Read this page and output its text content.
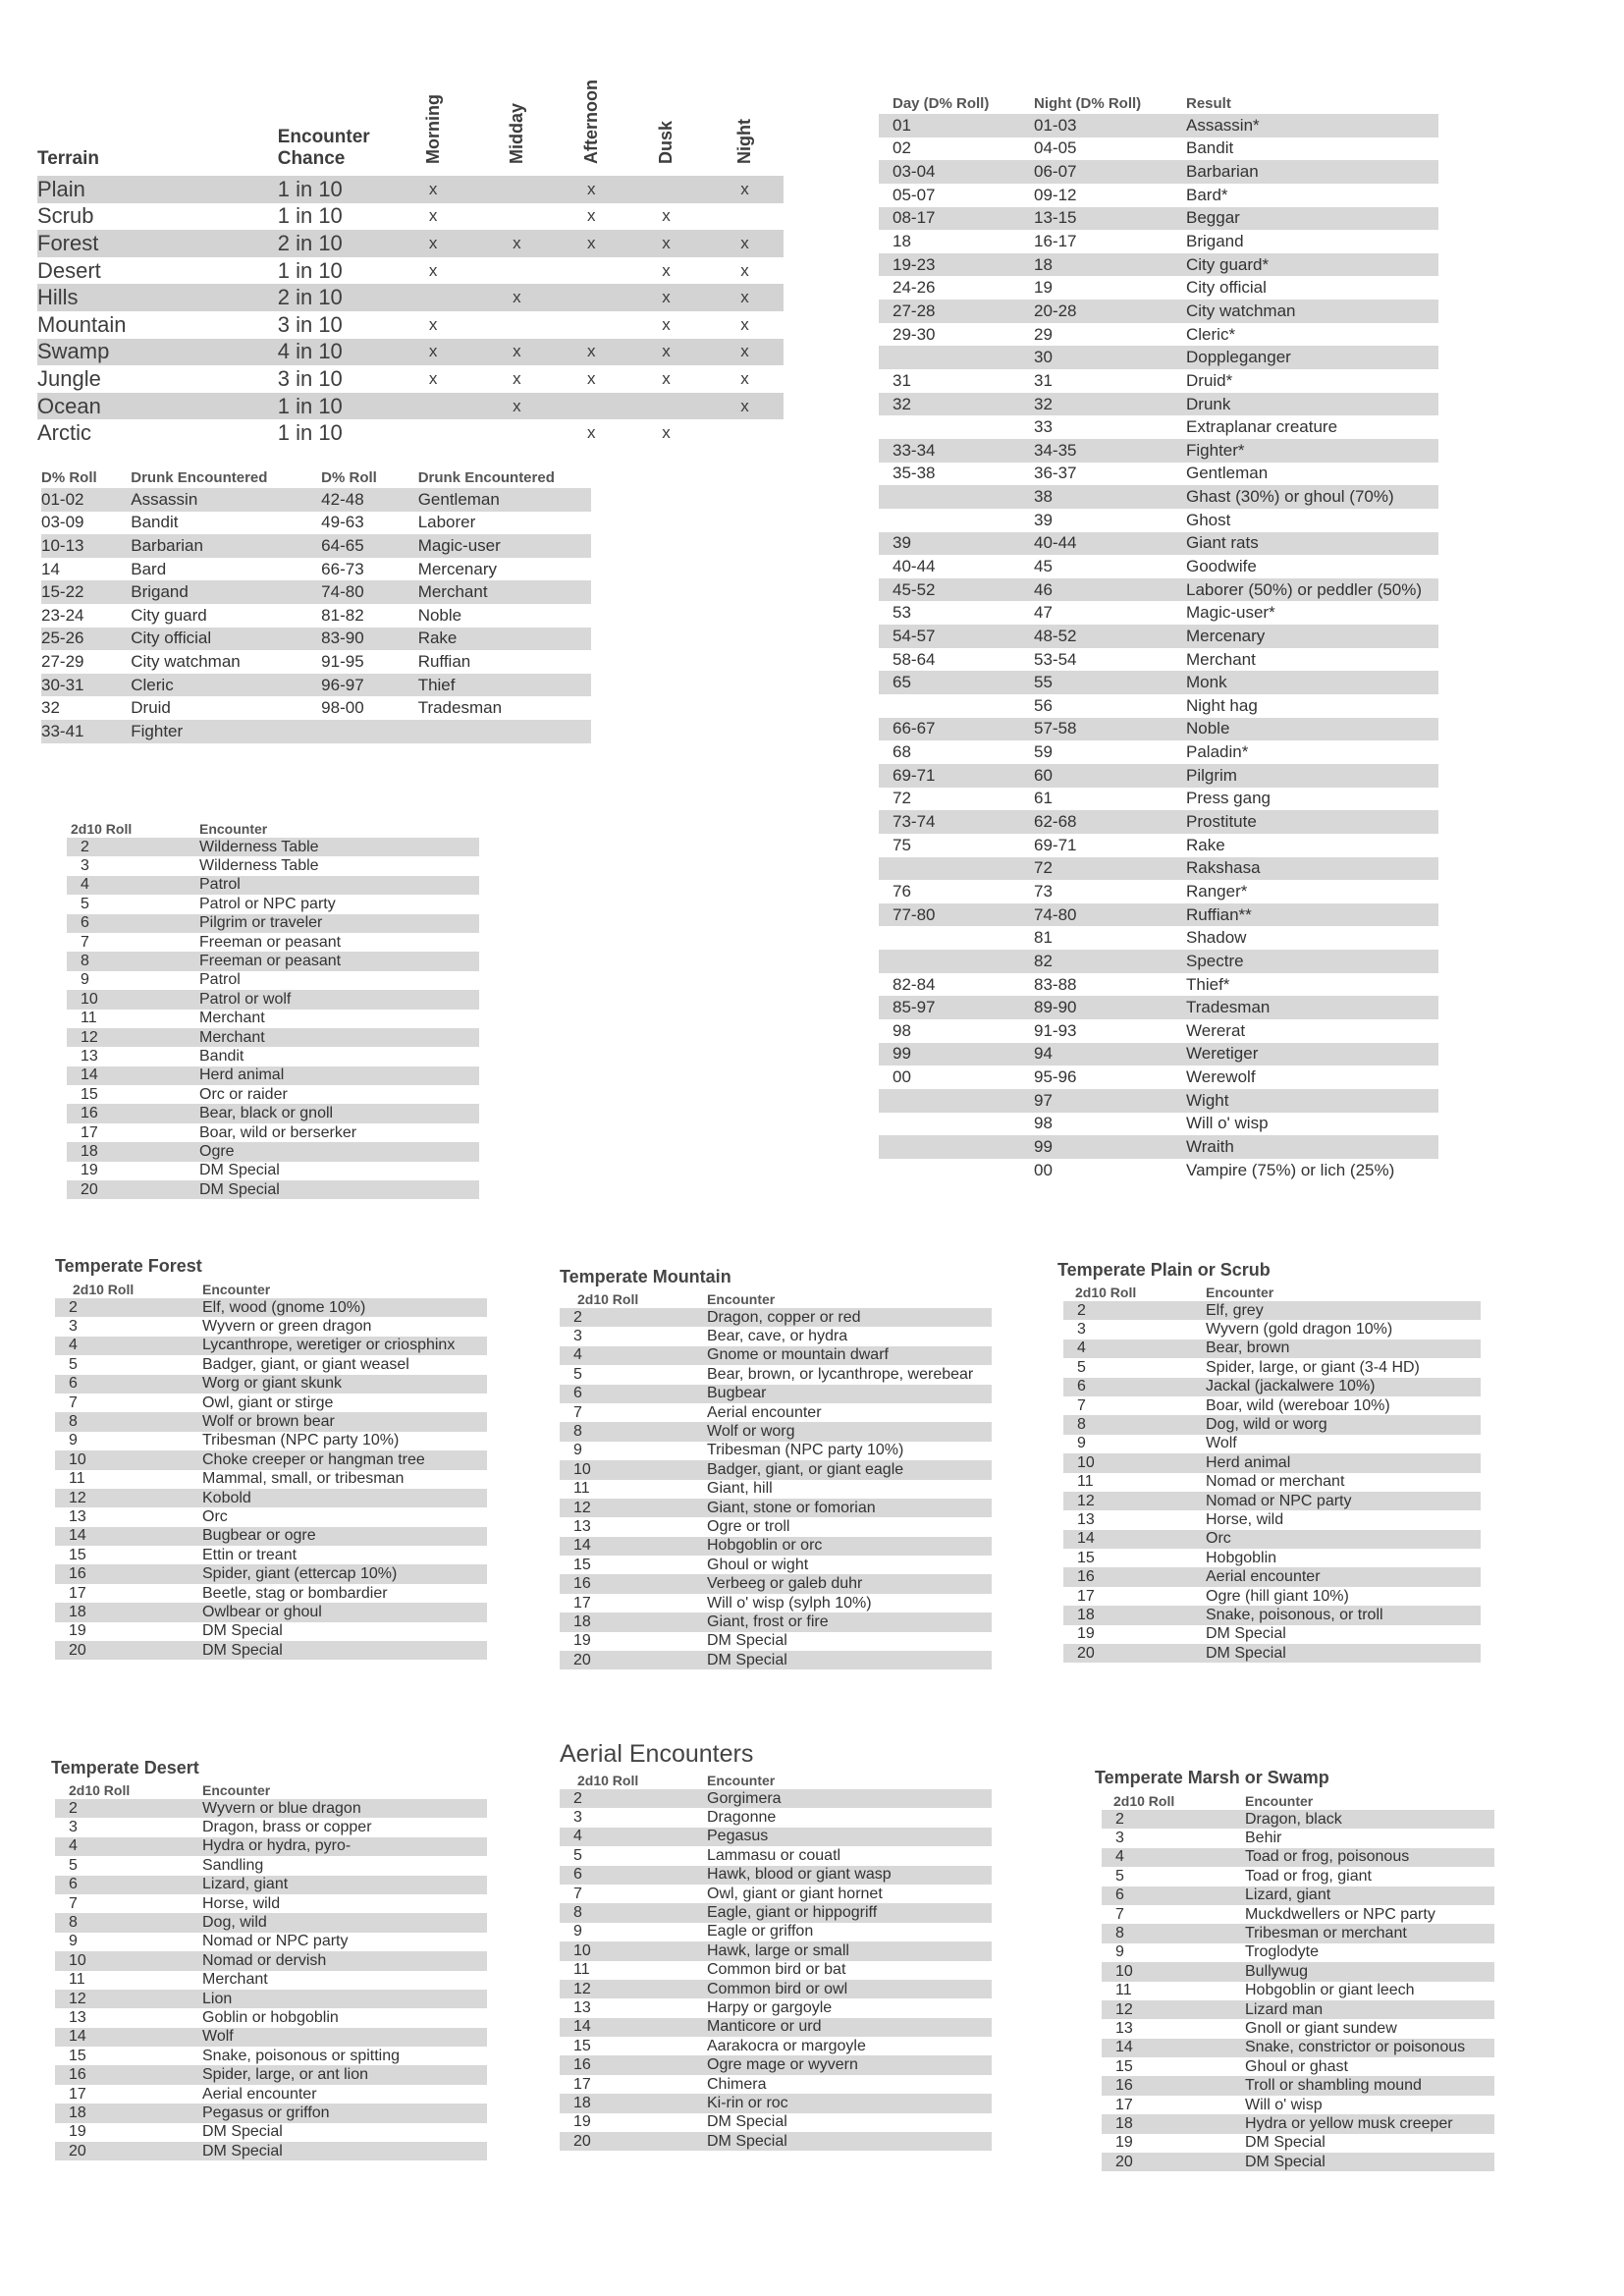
Terrain	Encounter Chance	Morning	Midday	Afternoon	Dusk	Night
Plain	1 in 10	x		x		x
Scrub	1 in 10	x		x	x	
Forest	2 in 10	x	x	x	x	x
Desert	1 in 10	x			x	x
Hills	2 in 10		x		x	x
Mountain	3 in 10	x			x	x
Swamp	4 in 10	x	x	x	x	x
Jungle	3 in 10	x	x	x	x	x
Ocean	1 in 10		x			x
Arctic	1 in 10			x	x	
D% Roll	Drunk Encountered	D% Roll	Drunk Encountered
01-02	Assassin	42-48	Gentleman
03-09	Bandit	49-63	Laborer
10-13	Barbarian	64-65	Magic-user
14	Bard	66-73	Mercenary
15-22	Brigand	74-80	Merchant
23-24	City guard	81-82	Noble
25-26	City official	83-90	Rake
27-29	City watchman	91-95	Ruffian
30-31	Cleric	96-97	Thief
32	Druid	98-00	Tradesman
33-41	Fighter		
Day (D% Roll)	Night (D% Roll)	Result
01	01-03	Assassin*
02	04-05	Bandit
03-04	06-07	Barbarian
05-07	09-12	Bard*
08-17	13-15	Beggar
18	16-17	Brigand
19-23	18	City guard*
24-26	19	City official
27-28	20-28	City watchman
29-30	29	Cleric*
	30	Doppleganger
31	31	Druid*
32	32	Drunk
	33	Extraplanar creature
33-34	34-35	Fighter*
35-38	36-37	Gentleman
	38	Ghast (30%) or ghoul (70%)
	39	Ghost
39	40-44	Giant rats
40-44	45	Goodwife
45-52	46	Laborer (50%) or peddler (50%)
53	47	Magic-user*
54-57	48-52	Mercenary
58-64	53-54	Merchant
65	55	Monk
	56	Night hag
66-67	57-58	Noble
68	59	Paladin*
69-71	60	Pilgrim
72	61	Press gang
73-74	62-68	Prostitute
75	69-71	Rake
	72	Rakshasa
76	73	Ranger*
77-80	74-80	Ruffian**
	81	Shadow
	82	Spectre
82-84	83-88	Thief*
85-97	89-90	Tradesman
98	91-93	Wererat
99	94	Weretiger
00	95-96	Werewolf
	97	Wight
	98	Will o' wisp
	99	Wraith
	00	Vampire (75%) or lich (25%)
2d10 Roll	Encounter
2	Wilderness Table
3	Wilderness Table
4	Patrol
5	Patrol or NPC party
6	Pilgrim or traveler
7	Freeman or peasant
8	Freeman or peasant
9	Patrol
10	Patrol or wolf
11	Merchant
12	Merchant
13	Bandit
14	Herd animal
15	Orc or raider
16	Bear, black or gnoll
17	Boar, wild or berserker
18	Ogre
19	DM Special
20	DM Special
Temperate Forest
2d10 Roll	Encounter
2	Elf, wood (gnome 10%)
3	Wyvern or green dragon
4	Lycanthrope, weretiger or criosphinx
5	Badger, giant, or giant weasel
6	Worg or giant skunk
7	Owl, giant or stirge
8	Wolf or brown bear
9	Tribesman (NPC party 10%)
10	Choke creeper or hangman tree
11	Mammal, small, or tribesman
12	Kobold
13	Orc
14	Bugbear or ogre
15	Ettin or treant
16	Spider, giant (ettercap 10%)
17	Beetle, stag or bombardier
18	Owlbear or ghoul
19	DM Special
20	DM Special
Temperate Mountain
2d10 Roll	Encounter
2	Dragon, copper or red
3	Bear, cave, or hydra
4	Gnome or mountain dwarf
5	Bear, brown, or lycanthrope, werebear
6	Bugbear
7	Aerial encounter
8	Wolf or worg
9	Tribesman (NPC party 10%)
10	Badger, giant, or giant eagle
11	Giant, hill
12	Giant, stone or fomorian
13	Ogre or troll
14	Hobgoblin or orc
15	Ghoul or wight
16	Verbeeg or galeb duhr
17	Will o' wisp (sylph 10%)
18	Giant, frost or fire
19	DM Special
20	DM Special
Temperate Plain or Scrub
2d10 Roll	Encounter
2	Elf, grey
3	Wyvern (gold dragon 10%)
4	Bear, brown
5	Spider, large, or giant (3-4 HD)
6	Jackal (jackalwere 10%)
7	Boar, wild (wereboar 10%)
8	Dog, wild or worg
9	Wolf
10	Herd animal
11	Nomad or merchant
12	Nomad or NPC party
13	Horse, wild
14	Orc
15	Hobgoblin
16	Aerial encounter
17	Ogre (hill giant 10%)
18	Snake, poisonous, or troll
19	DM Special
20	DM Special
Temperate Desert
2d10 Roll	Encounter
2	Wyvern or blue dragon
3	Dragon, brass or copper
4	Hydra or hydra, pyro-
5	Sandling
6	Lizard, giant
7	Horse, wild
8	Dog, wild
9	Nomad or NPC party
10	Nomad or dervish
11	Merchant
12	Lion
13	Goblin or hobgoblin
14	Wolf
15	Snake, poisonous or spitting
16	Spider, large, or ant lion
17	Aerial encounter
18	Pegasus or griffon
19	DM Special
20	DM Special
Aerial Encounters
2d10 Roll	Encounter
2	Gorgimera
3	Dragonne
4	Pegasus
5	Lammasu or couatl
6	Hawk, blood or giant wasp
7	Owl, giant or giant hornet
8	Eagle, giant or hippogriff
9	Eagle or griffon
10	Hawk, large or small
11	Common bird or bat
12	Common bird or owl
13	Harpy or gargoyle
14	Manticore or urd
15	Aarakocra or margoyle
16	Ogre mage or wyvern
17	Chimera
18	Ki-rin or roc
19	DM Special
20	DM Special
Temperate Marsh or Swamp
2d10 Roll	Encounter
2	Dragon, black
3	Behir
4	Toad or frog, poisonous
5	Toad or frog, giant
6	Lizard, giant
7	Muckdwellers or NPC party
8	Tribesman or merchant
9	Troglodyte
10	Bullywug
11	Hobgoblin or giant leech
12	Lizard man
13	Gnoll or giant sundew
14	Snake, constrictor or poisonous
15	Ghoul or ghast
16	Troll or shambling mound
17	Will o' wisp
18	Hydra or yellow musk creeper
19	DM Special
20	DM Special
